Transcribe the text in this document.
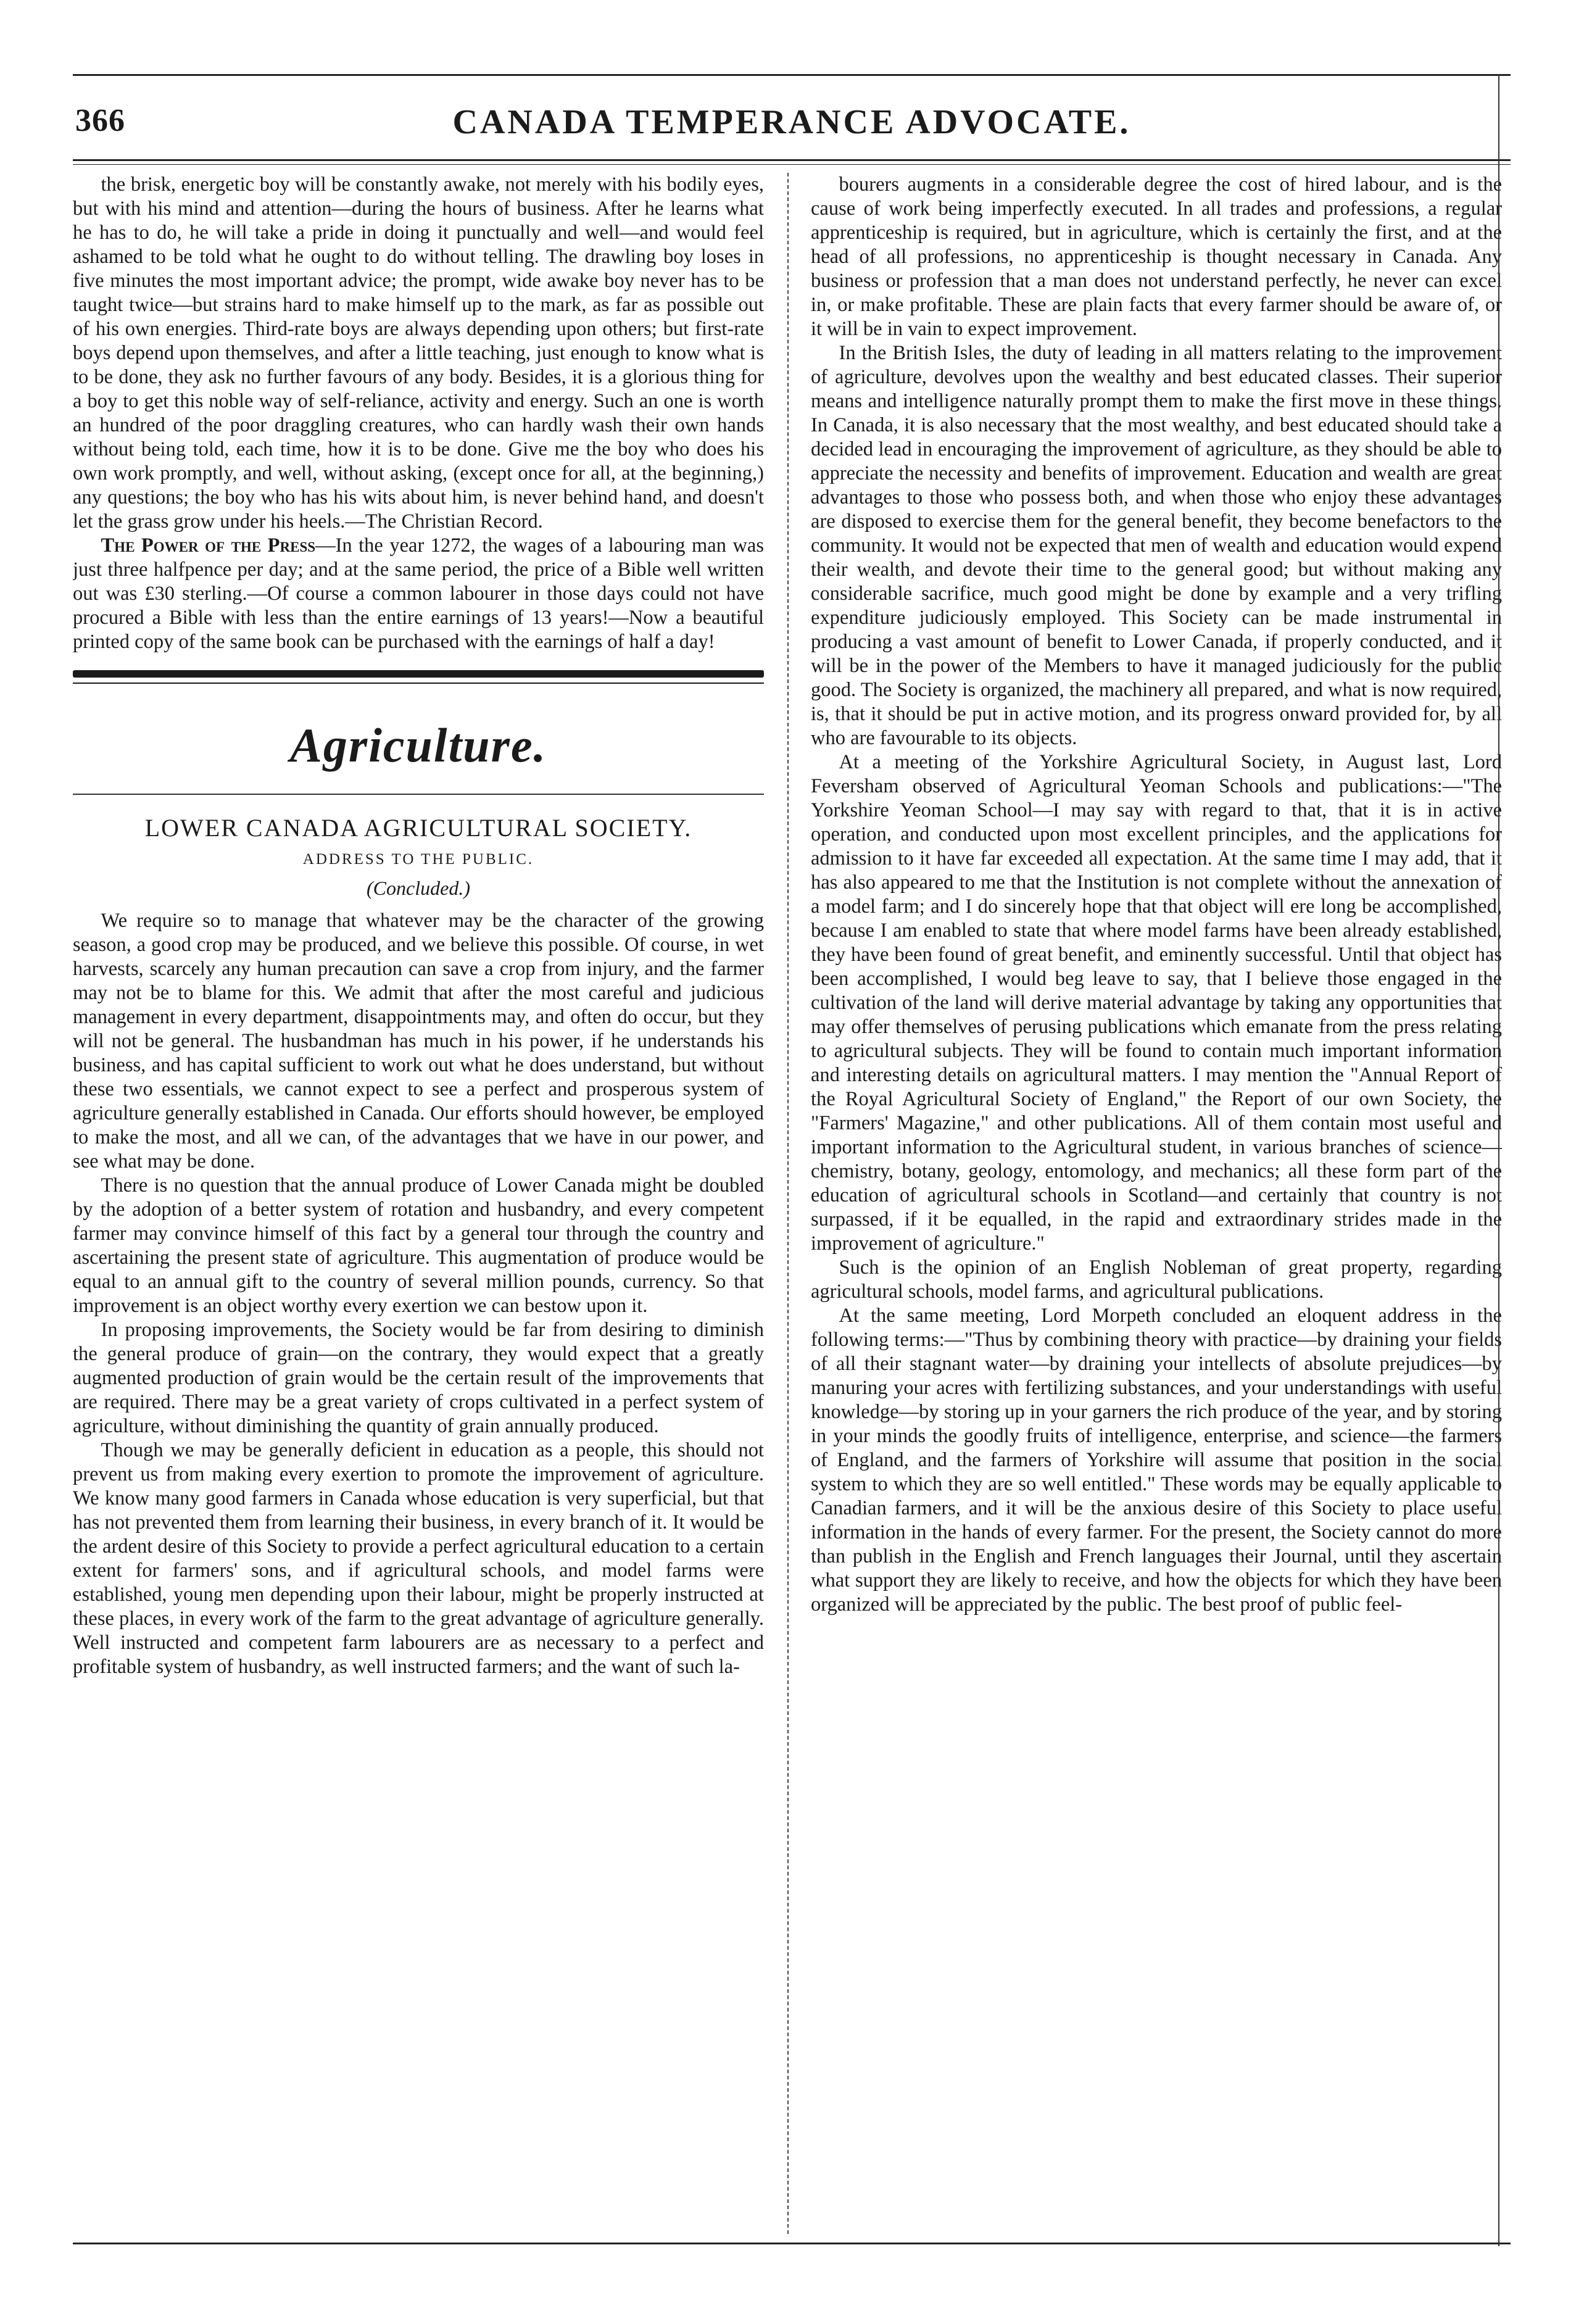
366	CANADA TEMPERANCE ADVOCATE.

the brisk, energetic boy will be constantly awake, not merely with his bodily eyes, but with his mind and attention—during the hours of business. After he learns what he has to do, he will take a pride in doing it punctually and well—and would feel ashamed to be told what he ought to do without telling. The drawling boy loses in five minutes the most important advice; the prompt, wide awake boy never has to be taught twice—but strains hard to make himself up to the mark, as far as possible out of his own energies. Third-rate boys are always depending upon others; but first-rate boys depend upon themselves, and after a little teaching, just enough to know what is to be done, they ask no further favours of any body. Besides, it is a glorious thing for a boy to get this noble way of self-reliance, activity and energy. Such an one is worth an hundred of the poor draggling creatures, who can hardly wash their own hands without being told, each time, how it is to be done. Give me the boy who does his own work promptly, and well, without asking, (except once for all, at the beginning,) any questions; the boy who has his wits about him, is never behind hand, and doesn't let the grass grow under his heels.—The Christian Record.

The Power of the Press—In the year 1272, the wages of a labouring man was just three halfpence per day; and at the same period, the price of a Bible well written out was £30 sterling.—Of course a common labourer in those days could not have procured a Bible with less than the entire earnings of 13 years!—Now a beautiful printed copy of the same book can be purchased with the earnings of half a day!

Agriculture.
LOWER CANADA AGRICULTURAL SOCIETY.
ADDRESS TO THE PUBLIC.
(Concluded.)

We require so to manage that whatever may be the character of the growing season, a good crop may be produced, and we believe this possible. Of course, in wet harvests, scarcely any human precaution can save a crop from injury, and the farmer may not be to blame for this. We admit that after the most careful and judicious management in every department, disappointments may, and often do occur, but they will not be general. The husbandman has much in his power, if he understands his business, and has capital sufficient to work out what he does understand, but without these two essentials, we cannot expect to see a perfect and prosperous system of agriculture generally established in Canada. Our efforts should however, be employed to make the most, and all we can, of the advantages that we have in our power, and see what may be done.

There is no question that the annual produce of Lower Canada might be doubled by the adoption of a better system of rotation and husbandry, and every competent farmer may convince himself of this fact by a general tour through the country and ascertaining the present state of agriculture. This augmentation of produce would be equal to an annual gift to the country of several million pounds, currency. So that improvement is an object worthy every exertion we can bestow upon it.

In proposing improvements, the Society would be far from desiring to diminish the general produce of grain—on the contrary, they would expect that a greatly augmented production of grain would be the certain result of the improvements that are required. There may be a great variety of crops cultivated in a perfect system of agriculture, without diminishing the quantity of grain annually produced.

Though we may be generally deficient in education as a people, this should not prevent us from making every exertion to promote the improvement of agriculture. We know many good farmers in Canada whose education is very superficial, but that has not prevented them from learning their business, in every branch of it. It would be the ardent desire of this Society to provide a perfect agricultural education to a certain extent for farmers' sons, and if agricultural schools, and model farms were established, young men depending upon their labour, might be properly instructed at these places, in every work of the farm to the great advantage of agriculture generally. Well instructed and competent farm labourers are as necessary to a perfect and profitable system of husbandry, as well instructed farmers; and the want of such la-

bourers augments in a considerable degree the cost of hired labour, and is the cause of work being imperfectly executed. In all trades and professions, a regular apprenticeship is required, but in agriculture, which is certainly the first, and at the head of all professions, no apprenticeship is thought necessary in Canada. Any business or profession that a man does not understand perfectly, he never can excel in, or make profitable. These are plain facts that every farmer should be aware of, or it will be in vain to expect improvement.

In the British Isles, the duty of leading in all matters relating to the improvement of agriculture, devolves upon the wealthy and best educated classes. Their superior means and intelligence naturally prompt them to make the first move in these things. In Canada, it is also necessary that the most wealthy, and best educated should take a decided lead in encouraging the improvement of agriculture, as they should be able to appreciate the necessity and benefits of improvement. Education and wealth are great advantages to those who possess both, and when those who enjoy these advantages are disposed to exercise them for the general benefit, they become benefactors to the community. It would not be expected that men of wealth and education would expend their wealth, and devote their time to the general good; but without making any considerable sacrifice, much good might be done by example and a very trifling expenditure judiciously employed. This Society can be made instrumental in producing a vast amount of benefit to Lower Canada, if properly conducted, and it will be in the power of the Members to have it managed judiciously for the public good. The Society is organized, the machinery all prepared, and what is now required, is, that it should be put in active motion, and its progress onward provided for, by all who are favourable to its objects.

At a meeting of the Yorkshire Agricultural Society, in August last, Lord Feversham observed of Agricultural Yeoman Schools and publications:—"The Yorkshire Yeoman School—I may say with regard to that, that it is in active operation, and conducted upon most excellent principles, and the applications for admission to it have far exceeded all expectation. At the same time I may add, that it has also appeared to me that the Institution is not complete without the annexation of a model farm; and I do sincerely hope that that object will ere long be accomplished, because I am enabled to state that where model farms have been already established, they have been found of great benefit, and eminently successful. Until that object has been accomplished, I would beg leave to say, that I believe those engaged in the cultivation of the land will derive material advantage by taking any opportunities that may offer themselves of perusing publications which emanate from the press relating to agricultural subjects. They will be found to contain much important information and interesting details on agricultural matters. I may mention the "Annual Report of the Royal Agricultural Society of England," the Report of our own Society, the "Farmers' Magazine," and other publications. All of them contain most useful and important information to the Agricultural student, in various branches of science—chemistry, botany, geology, entomology, and mechanics; all these form part of the education of agricultural schools in Scotland—and certainly that country is not surpassed, if it be equalled, in the rapid and extraordinary strides made in the improvement of agriculture."

Such is the opinion of an English Nobleman of great property, regarding agricultural schools, model farms, and agricultural publications.

At the same meeting, Lord Morpeth concluded an eloquent address in the following terms:—"Thus by combining theory with practice—by draining your fields of all their stagnant water—by draining your intellects of absolute prejudices—by manuring your acres with fertilizing substances, and your understandings with useful knowledge—by storing up in your garners the rich produce of the year, and by storing in your minds the goodly fruits of intelligence, enterprise, and science—the farmers of England, and the farmers of Yorkshire will assume that position in the social system to which they are so well entitled." These words may be equally applicable to Canadian farmers, and it will be the anxious desire of this Society to place useful information in the hands of every farmer. For the present, the Society cannot do more than publish in the English and French languages their Journal, until they ascertain what support they are likely to receive, and how the objects for which they have been organized will be appreciated by the public. The best proof of public feel-
